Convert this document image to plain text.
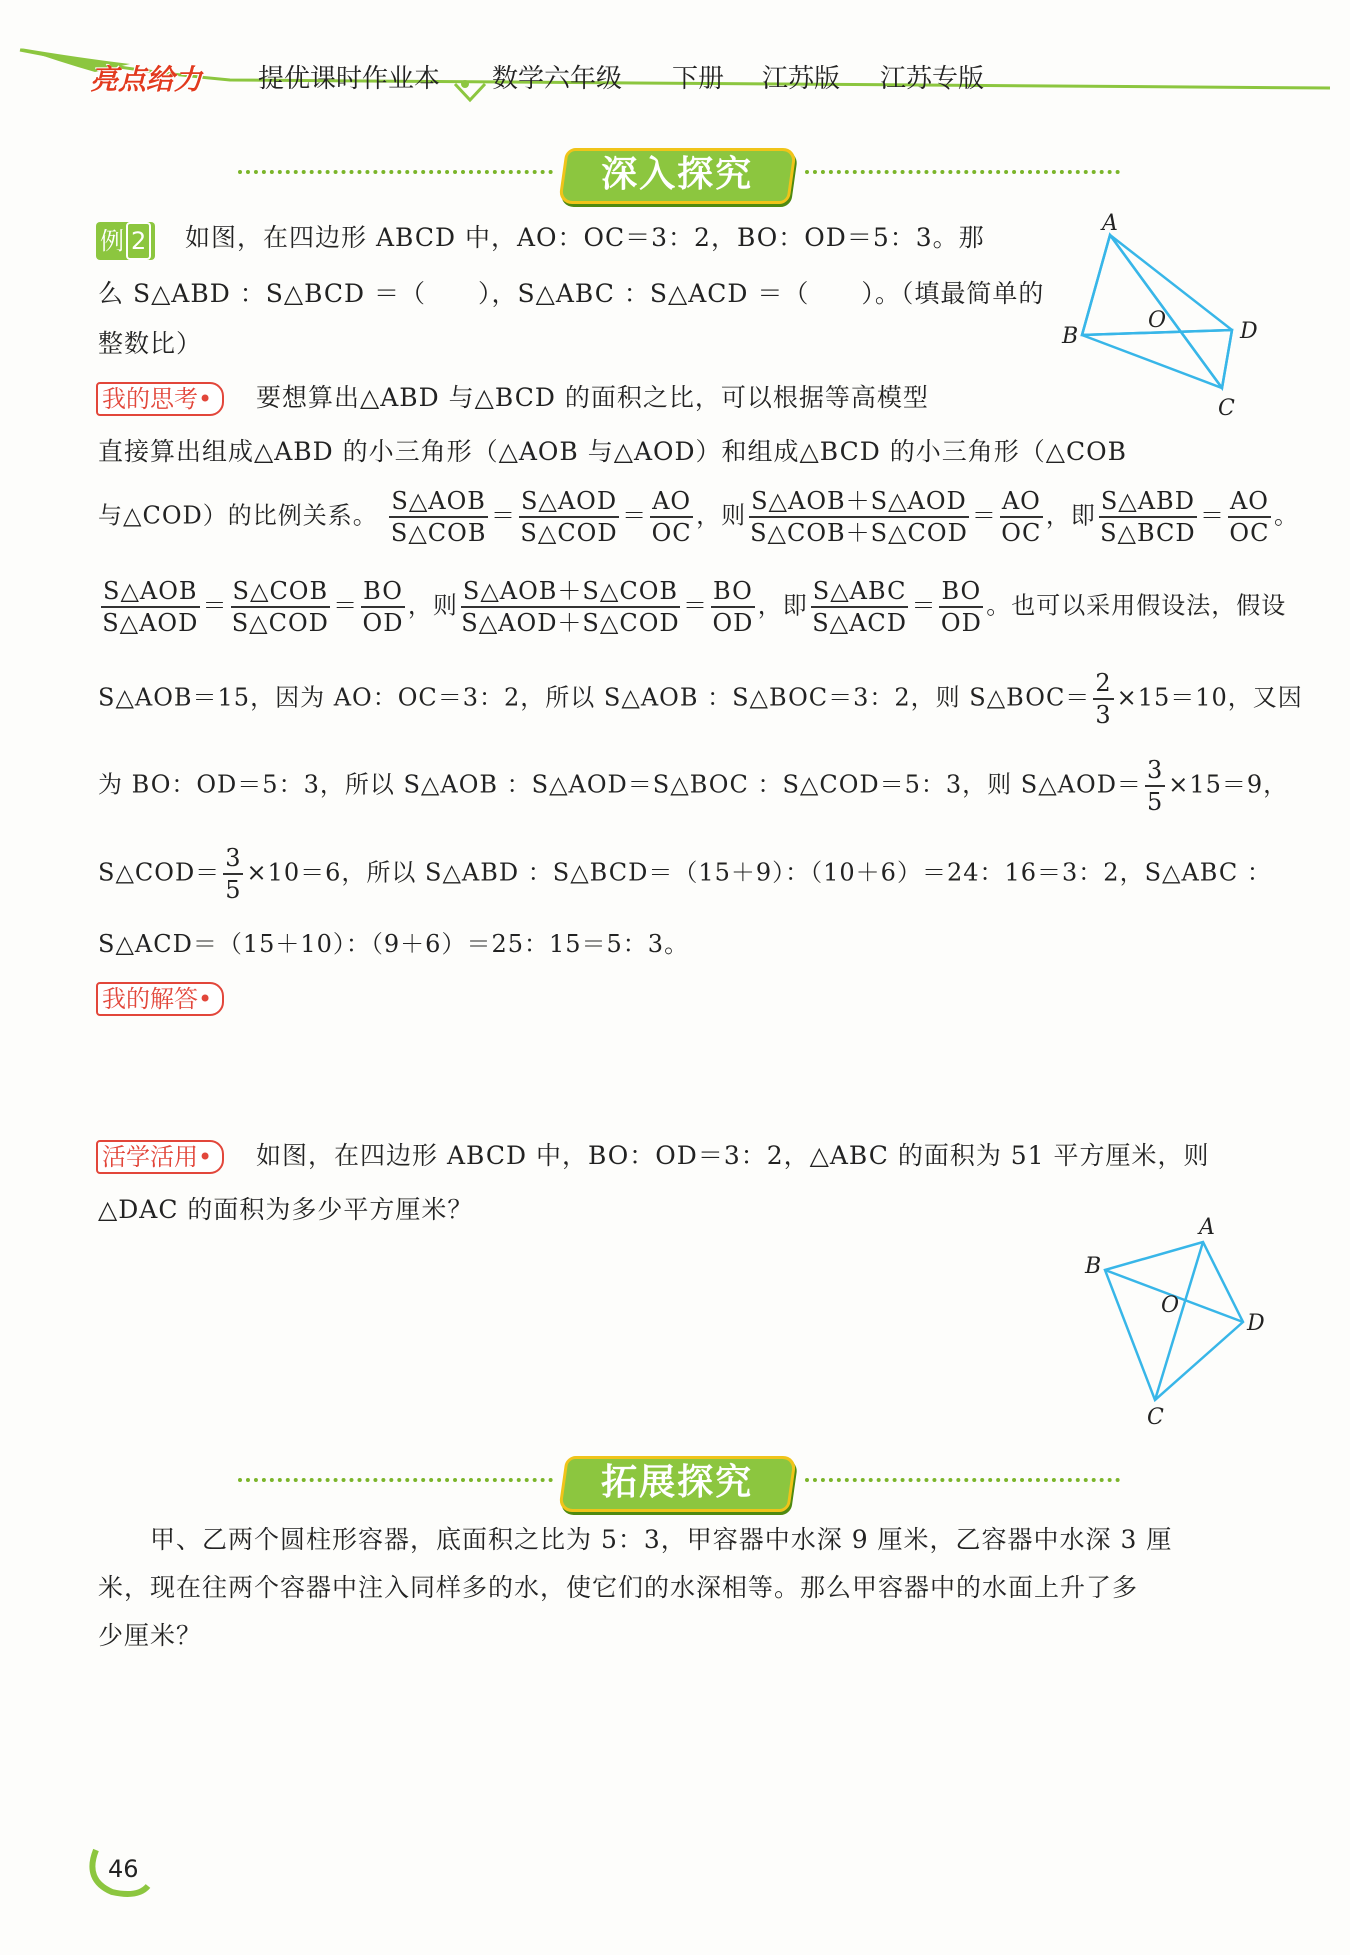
亮点给力 提优课时作业本 数学六年级 下册 江苏版 江苏专版
深入探究
例 2	如图，在四边形 ABCD 中，AO：OC＝3：2，BO：OD＝5：3。那
么 S△ABD ：S△BCD ＝（　　），S△ABC ：S△ACD ＝（　　）。（填最简单的
整数比）
A
B
C
D
O
我的思考 •	要想算出△ABD 与△BCD 的面积之比，可以根据等高模型
直接算出组成△ABD 的小三角形（△AOB 与△AOD）和组成△BCD 的小三角形（△COB
与△COD）的比例关系。 $\frac{\text{S△AOB}}{\text{S△COB}} = \frac{\text{S△AOD}}{\text{S△COD}} = \frac{AO}{OC}$ ，则 $\frac{\text{S△AOB＋S△AOD}}{\text{S△COB＋S△COD}} = \frac{AO}{OC}$ ，即 $\frac{\text{S△ABD}}{\text{S△BCD}} = \frac{AO}{OC}$ 。
$\frac{\text{S△AOB}}{\text{S△AOD}} = \frac{\text{S△COB}}{\text{S△COD}} = \frac{BO}{OD}$ ，则 $\frac{\text{S△AOB＋S△COB}}{\text{S△AOD＋S△COD}} = \frac{BO}{OD}$ ，即 $\frac{\text{S△ABC}}{\text{S△ACD}} = \frac{BO}{OD}$ 。也可以采用假设法，假设
S△AOB＝15，因为 AO：OC＝3：2，所以 S△AOB ：S△BOC＝3：2，则 S△BOC＝ $\frac{2}{3} \times 15=10$，又因
为 BO：OD＝5：3，所以 S△AOB ：S△AOD＝S△BOC ：S△COD＝5：3，则 S△AOD＝ $\frac{3}{5} \times 15=9$，
S△COD＝ $\frac{3}{5} \times 10=6$，所以 S△ABD ：S△BCD＝（15＋9）：（10＋6）＝24：16＝3：2，S△ABC ：
S△ACD＝（15＋10）：（9＋6）＝25：15＝5：3。
我的解答 •
活学活用 •	如图，在四边形 ABCD 中，BO：OD＝3：2，△ABC 的面积为 51 平方厘米，则
△DAC 的面积为多少平方厘米？
A
B
C
D
O
拓展探究
甲、乙两个圆柱形容器，底面积之比为 5：3，甲容器中水深 9 厘米，乙容器中水深 3 厘
米，现在往两个容器中注入同样多的水，使它们的水深相等。那么甲容器中的水面上升了多
少厘米？
46
